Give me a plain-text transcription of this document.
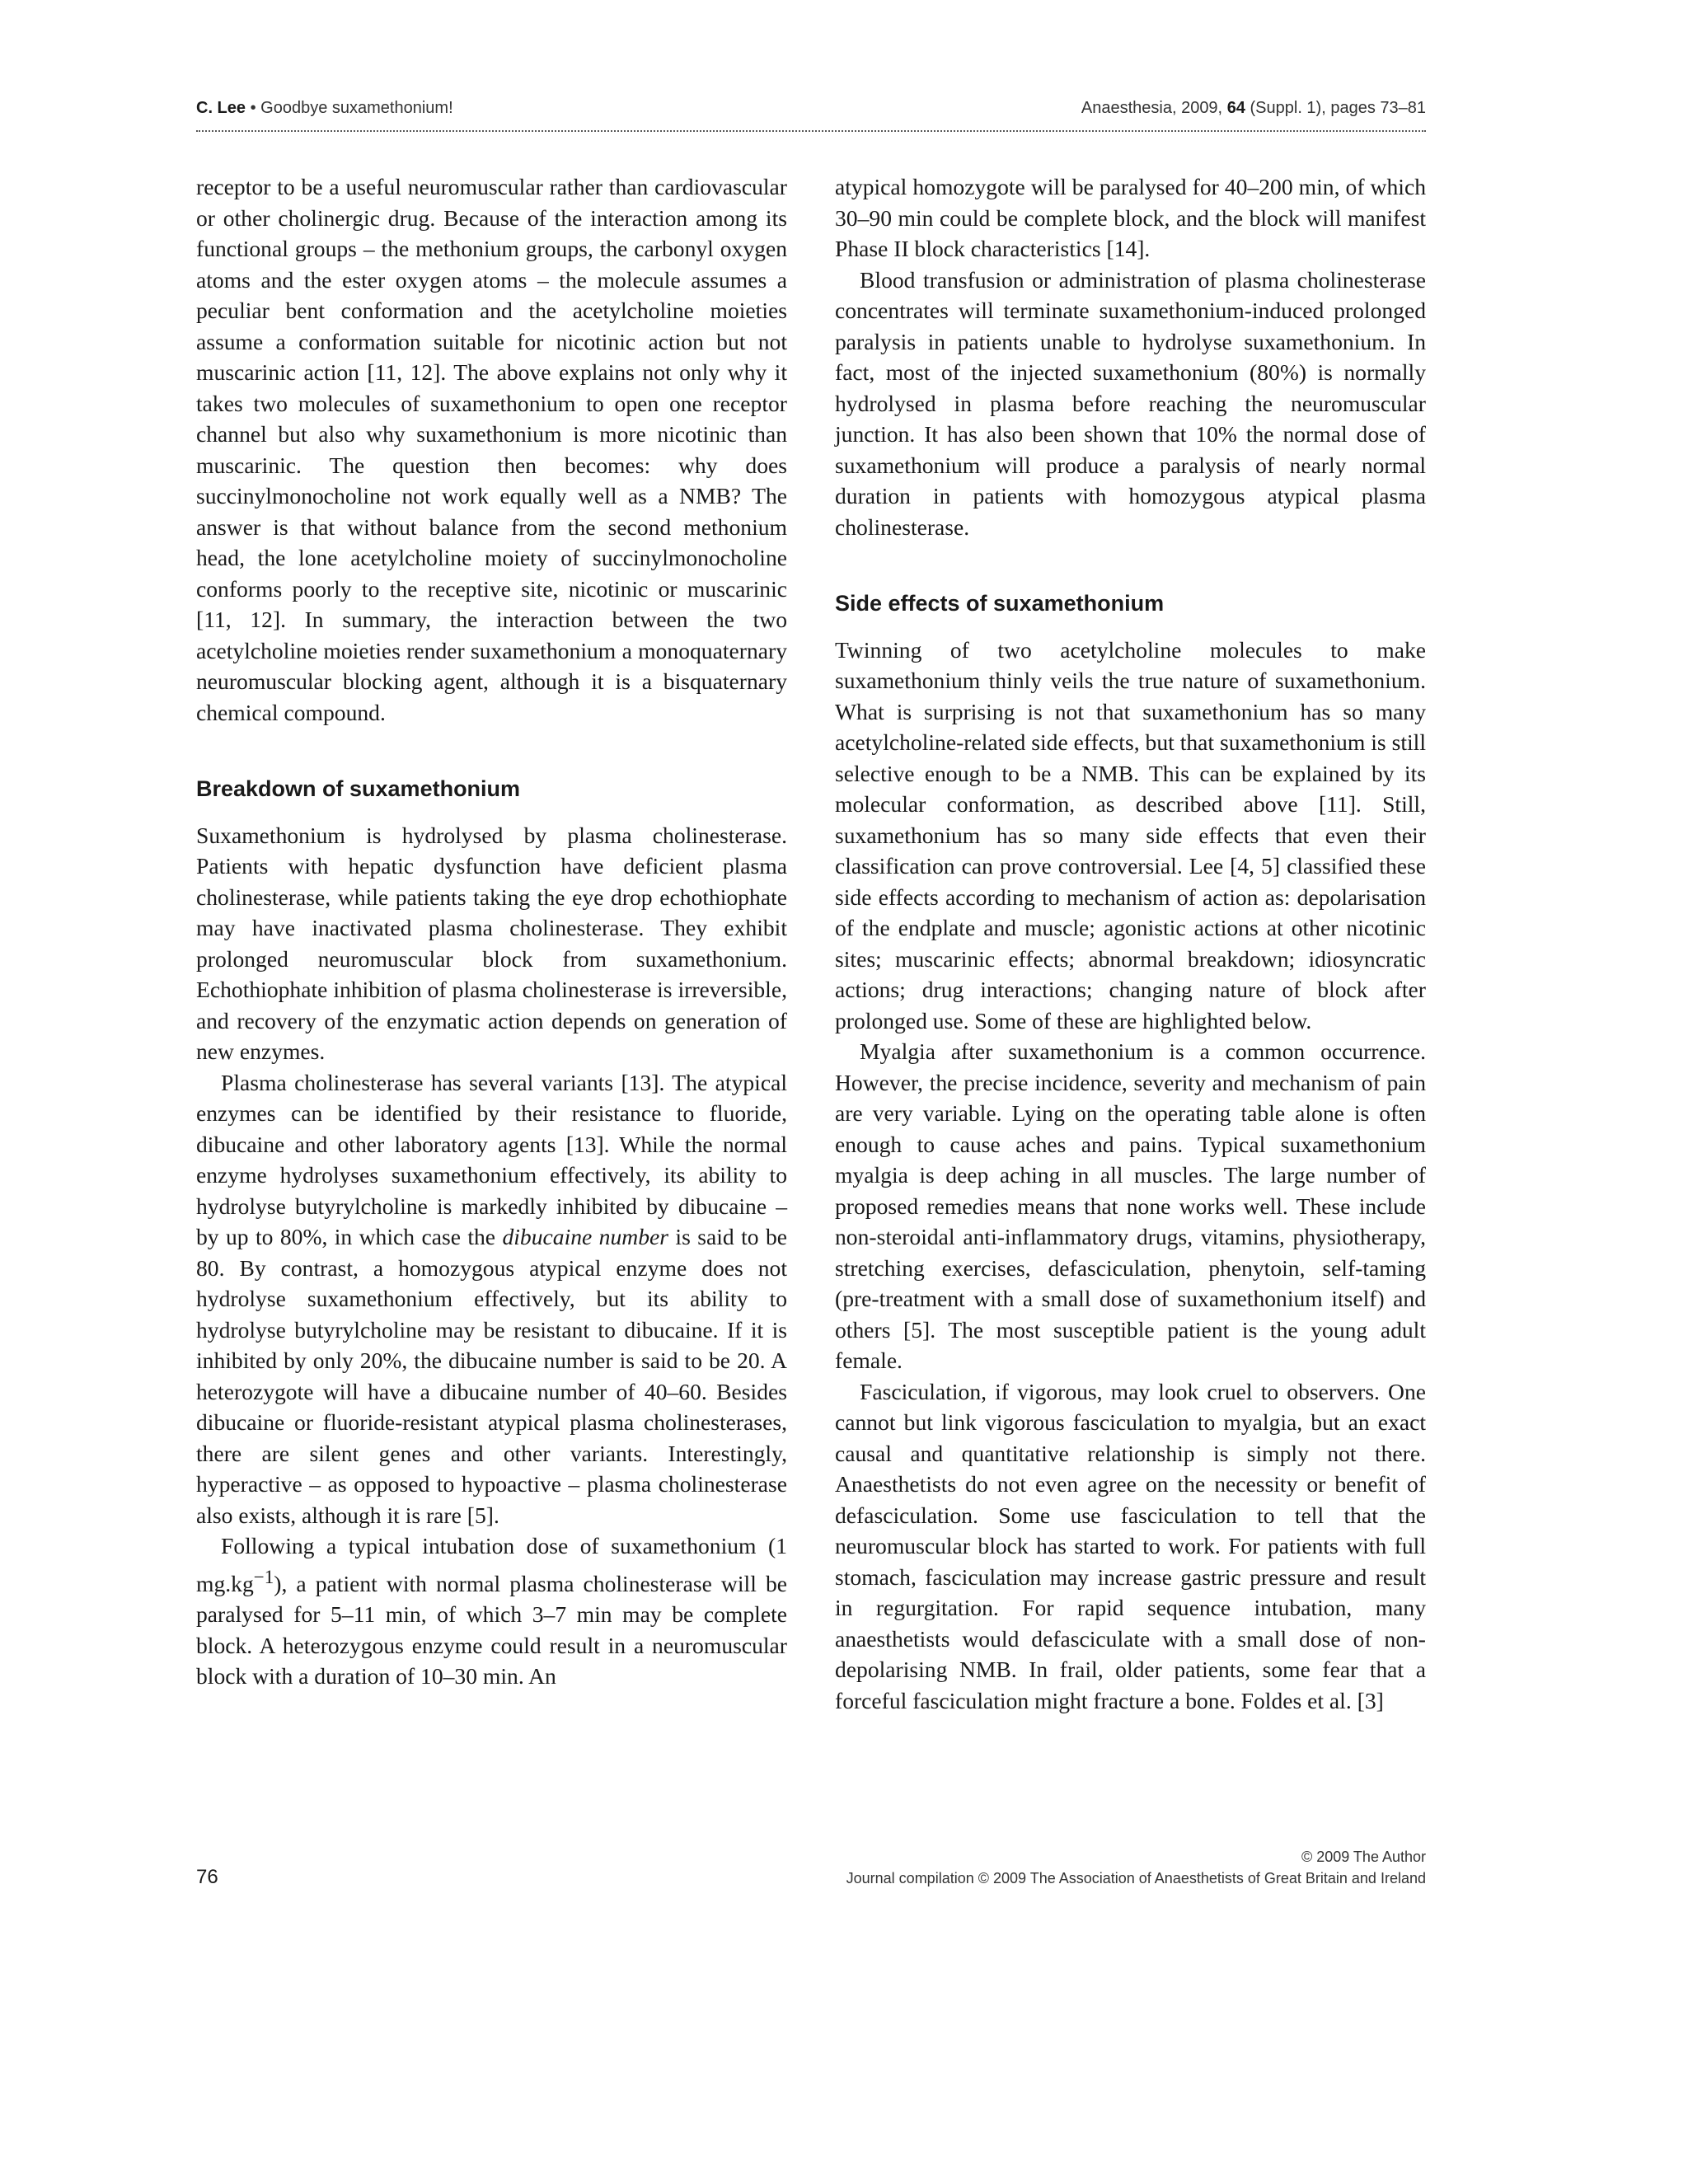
C. Lee • Goodbye suxamethonium!	Anaesthesia, 2009, 64 (Suppl. 1), pages 73–81

receptor to be a useful neuromuscular rather than cardiovascular or other cholinergic drug. Because of the interaction among its functional groups – the methonium groups, the carbonyl oxygen atoms and the ester oxygen atoms – the molecule assumes a peculiar bent conformation and the acetylcholine moieties assume a conformation suitable for nicotinic action but not muscarinic action [11, 12]. The above explains not only why it takes two molecules of suxamethonium to open one receptor channel but also why suxamethonium is more nicotinic than muscarinic. The question then becomes: why does succinylmonocholine not work equally well as a NMB? The answer is that without balance from the second methonium head, the lone acetylcholine moiety of succinylmonocholine conforms poorly to the receptive site, nicotinic or muscarinic [11, 12]. In summary, the interaction between the two acetylcholine moieties render suxamethonium a monoquaternary neuromuscular blocking agent, although it is a bisquaternary chemical compound.

Breakdown of suxamethonium

Suxamethonium is hydrolysed by plasma cholinesterase. Patients with hepatic dysfunction have deficient plasma cholinesterase, while patients taking the eye drop echothiophate may have inactivated plasma cholinesterase. They exhibit prolonged neuromuscular block from suxamethonium. Echothiophate inhibition of plasma cholinesterase is irreversible, and recovery of the enzymatic action depends on generation of new enzymes.

Plasma cholinesterase has several variants [13]. The atypical enzymes can be identified by their resistance to fluoride, dibucaine and other laboratory agents [13]. While the normal enzyme hydrolyses suxamethonium effectively, its ability to hydrolyse butyrylcholine is markedly inhibited by dibucaine – by up to 80%, in which case the dibucaine number is said to be 80. By contrast, a homozygous atypical enzyme does not hydrolyse suxamethonium effectively, but its ability to hydrolyse butyrylcholine may be resistant to dibucaine. If it is inhibited by only 20%, the dibucaine number is said to be 20. A heterozygote will have a dibucaine number of 40–60. Besides dibucaine or fluoride-resistant atypical plasma cholinesterases, there are silent genes and other variants. Interestingly, hyperactive – as opposed to hypoactive – plasma cholinesterase also exists, although it is rare [5].

Following a typical intubation dose of suxamethonium (1 $mg.kg^{-1}$), a patient with normal plasma cholinesterase will be paralysed for 5–11 min, of which 3–7 min may be complete block. A heterozygous enzyme could result in a neuromuscular block with a duration of 10–30 min. An

atypical homozygote will be paralysed for 40–200 min, of which 30–90 min could be complete block, and the block will manifest Phase II block characteristics [14].

Blood transfusion or administration of plasma cholinesterase concentrates will terminate suxamethonium-induced prolonged paralysis in patients unable to hydrolyse suxamethonium. In fact, most of the injected suxamethonium (80%) is normally hydrolysed in plasma before reaching the neuromuscular junction. It has also been shown that 10% the normal dose of suxamethonium will produce a paralysis of nearly normal duration in patients with homozygous atypical plasma cholinesterase.

Side effects of suxamethonium

Twinning of two acetylcholine molecules to make suxamethonium thinly veils the true nature of suxamethonium. What is surprising is not that suxamethonium has so many acetylcholine-related side effects, but that suxamethonium is still selective enough to be a NMB. This can be explained by its molecular conformation, as described above [11]. Still, suxamethonium has so many side effects that even their classification can prove controversial. Lee [4, 5] classified these side effects according to mechanism of action as: depolarisation of the endplate and muscle; agonistic actions at other nicotinic sites; muscarinic effects; abnormal breakdown; idiosyncratic actions; drug interactions; changing nature of block after prolonged use. Some of these are highlighted below.

Myalgia after suxamethonium is a common occurrence. However, the precise incidence, severity and mechanism of pain are very variable. Lying on the operating table alone is often enough to cause aches and pains. Typical suxamethonium myalgia is deep aching in all muscles. The large number of proposed remedies means that none works well. These include non-steroidal anti-inflammatory drugs, vitamins, physiotherapy, stretching exercises, defasciculation, phenytoin, self-taming (pre-treatment with a small dose of suxamethonium itself) and others [5]. The most susceptible patient is the young adult female.

Fasciculation, if vigorous, may look cruel to observers. One cannot but link vigorous fasciculation to myalgia, but an exact causal and quantitative relationship is simply not there. Anaesthetists do not even agree on the necessity or benefit of defasciculation. Some use fasciculation to tell that the neuromuscular block has started to work. For patients with full stomach, fasciculation may increase gastric pressure and result in regurgitation. For rapid sequence intubation, many anaesthetists would defasciculate with a small dose of non-depolarising NMB. In frail, older patients, some fear that a forceful fasciculation might fracture a bone. Foldes et al. [3]

76
© 2009 The Author
Journal compilation © 2009 The Association of Anaesthetists of Great Britain and Ireland
